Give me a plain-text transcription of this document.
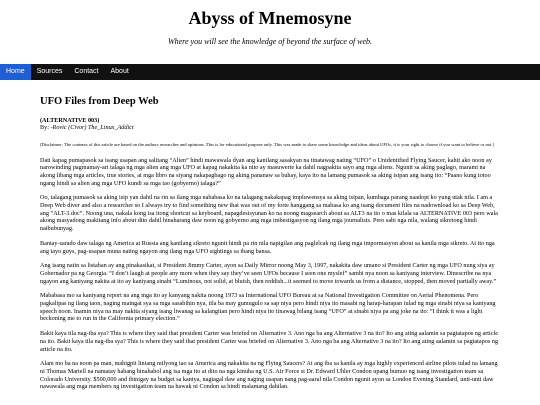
Abyss of Mnemosyne
Where you will see the knowledge of beyond the surface of web.
Home	Sources	Contact	About
UFO Files from Deep Web
(ALTERNATIVE 003)
By: -Rovic (Civor) The_Linux_Addict
[Disclaimer: The contents of this article are based on the authors researches and opinions. This is for educational purpose only. This was made to share some knowledge and ideas about UFOs, it is your right to choose if you want to believe or not.]

Dati kapag pumapasok sa isang usapan ang salitang “Alien” hindi mawawala dyan ang kanilang sasakyan na tinatawag nating “UFO” o Unidentified Flying Saucer, kahit ako noon ay narowinding pagmamay-ari talaga ng mga alien ang mga UFO at kapag nakakita ka nito ay masuwerte ka dahil nagpakita sayo ang mga aliens. Ngunit sa aking paglago, marami na akong libang mga articles, true stories, at mga libro na siyang nakapagbago ng aking pananaw sa buhay, kaya ito na lamang pumasok sa aking isipan ang isang ito: “Paano kung totoo ngang hindi sa alien ang mga UFO kundi sa mga tao (gobyerno) talaga?”

Oo, talagang pumasok sa aking isip yan dahil na rin sa ilang mga nababasa ko na talagang nakakapag impluwensya sa aking isipan, kumbaga parang naadopt ko yung utak nila. I am a Deep Web diver and also a researcher so I always try to find something new that was out of my forte hanggang sa mabasa ko ang isang document files na nadownload ko sa Deep Web, ang “ALT-3.doc”. Noong una, nakala kong isa itong shortcut sa keyboard, napagdesisyunan ko na noong magsearch about sa ALT3 na ito o mas kilala sa ALTERNATIVE 003 pero wala akong masyadong makitang info about dito dahil hinaharang daw noon ng gobyerno ang mga imbestigasyon ng ilang mga journalists. Pero sabi nga nila, walang sikretong hindi naibubunyag.

Bantay-sarado daw talaga ng America at Russia ang kanilang sikreto ngunit hindi pa rin nila napigilan ang paglelcak ng ilang mga impormasyon about sa kanila mga sikreto. At ito nga ang tayo guys, pag-usapan muna nating ngayon ang ilang mga UFO sightings sa ibang bansa.

Ang isang natin sa listahan ay ang pinakasikat, si President Jimmy Carter, ayon sa Daily Mirror noong May 3, 1997, nakakita daw umano si President Carter ng mga UFO nung siya ay Gobernador pa ng Georgia. “I don’t laugh at people any more when they say they’ve seen UFOs because I seen one myslef” sambi nya noon sa kaniyang interview. Dinescribe na nya ngayon ang kaniyang nakita at ito ay kaniyang sinabi “Luminous, not solid, at bluish, then reddish...it seemed to move towards us from a distance, stopped, then moved partially away.”

Mababasa mo sa kaniyang report na ang mga ito ay kanyang nakita noong 1973 sa International UFO Bureau at sa National Investigation Committee on Aerial Phenomena. Pero pagkalipas ng ilang taon, naging maingat sya sa mga sasabihin nya, tila ba may gumugulo sa sap niya pero hindi niya ito masabi ng harap-harapan tulad ng mga sinabi niya sa kaniyang speech noon. Inamin niya na may nakita siyang isang liwanag sa kalangitan pero hindi niya ito tinawag bilang isang “UFO” at sinabi niya pa ang joke na ito: “I think it was a light beckoning me to run in the California primary election.”

Bakit kaya tila nag-iba sya? This is where they said that president Carter was briefed on Alternative 3. Ano nga ba ang Alternative 3 na ito? Ito ang ating aalamin sa pagtatapos ng article na ito. Bakit kaya tila nag-iba sya? This is where they said that president Carter was briefed on Alternative 3. Ano nga ba ang Alternative 3 na ito? Ito ang ating aalamin sa pagtatapos ng article na ito.

Alam mo ba na noon pa man, mahigpit liniang milyong tao sa America ang nakakita na ng Flying Saucers? At ang iba sa kanila ay mga highly experienced airline pilots tulad na lamang ni Thomas Martell na namatay habang hinahabol ang isa mga ito at dito na nga kinuha ng U.S. Air Force si Dr. Edward Uhler Condon upang bumuo ng isang investigation team sa Colorado University. $500,000 and ibinigay na budget sa kaniya, nagtagal daw ang naging usapan nang pag-aaral nila Condon ngunit ayon sa London Evening Standard, unti-unti daw nawawala ang mga members ng investigation team na hawak ni Condon sa hindi malamang dahilan.
